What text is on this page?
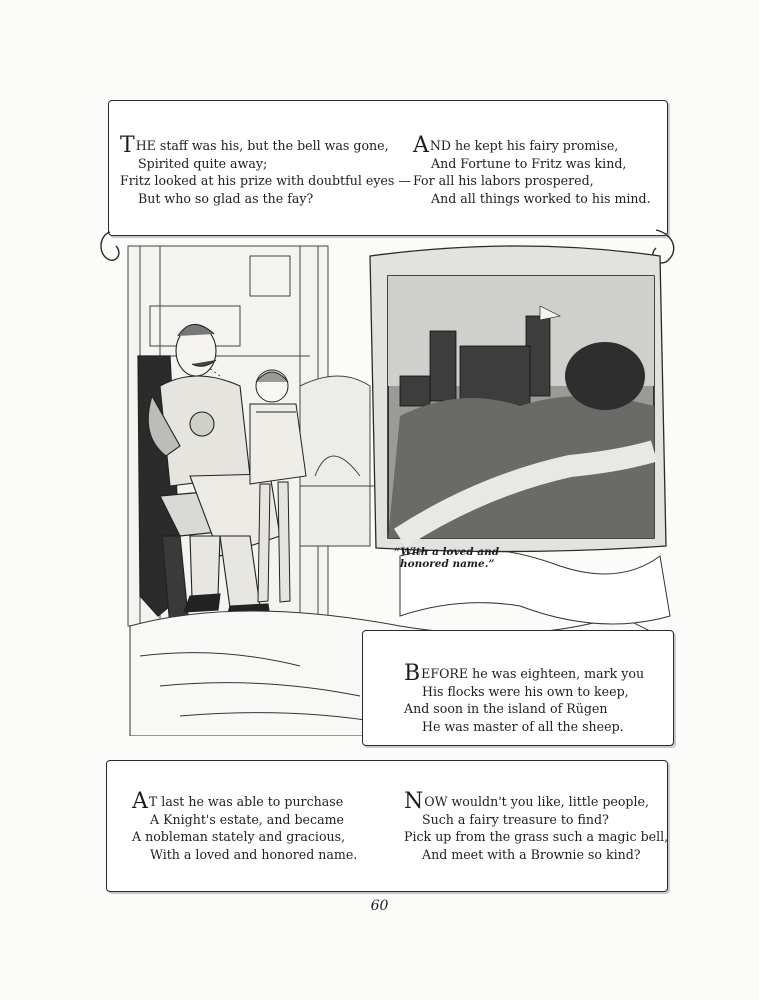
THE staff was his, but the bell was gone,
Spirited quite away;
Fritz looked at his prize with doubtful eyes —
But who so glad as the fay?
AND he kept his fairy promise,
And Fortune to Fritz was kind,
For all his labors prospered,
And all things worked to his mind.
“With a loved and
honored name.”
BEFORE he was eighteen, mark you
His flocks were his own to keep,
And soon in the island of Rügen
He was master of all the sheep.
AT last he was able to purchase
A Knight's estate, and became
A nobleman stately and gracious,
With a loved and honored name.
NOW wouldn't you like, little people,
Such a fairy treasure to find?
Pick up from the grass such a magic bell,
And meet with a Brownie so kind?
60
